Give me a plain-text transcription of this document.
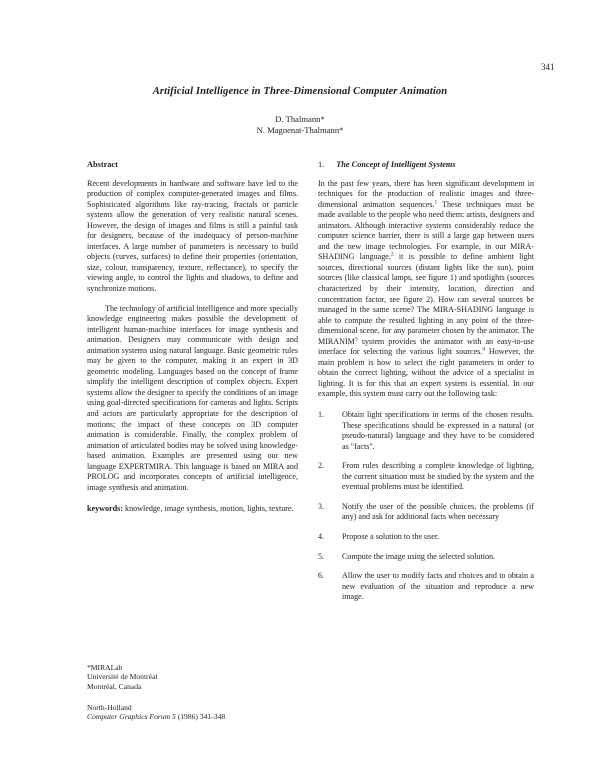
341
Artificial Intelligence in Three-Dimensional Computer Animation
D. Thalmann*
N. Magnenat-Thalmann*
Abstract

Recent developments in hardware and software have led to the production of complex computer-generated images and films. Sophisticated algorithms like ray-tracing, fractals or particle systems allow the generation of very realistic natural scenes. However, the design of images and films is still a painful task for designers, because of the inadequacy of person-machine interfaces. A large number of parameters is necessary to build objects (curves, surfaces) to define their properties (orientation, size, colour, transparency, texture, reflectance), to specify the viewing angle, to control the lights and shadows, to define and synchronize motions.

The technology of artificial intelligence and more specially knowledge engineering makes possible the development of intelligent human-machine interfaces for image synthesis and animation. Designers may communicate with design and animation systems using natural language. Basic geometric rules may be given to the computer, making it an expert in 3D geometric modeling. Languages based on the concept of frame simplify the intelligent description of complex objects. Expert systems allow the designer to specify the conditions of an image using goal-directed specifications for cameras and lights. Scripts and actors are particularly appropriate for the description of motions; the impact of these concepts on 3D computer animation is considerable. Finally, the complex problem of animation of articulated bodies may be solved using knowledge-based animation. Examples are presented using our new language EXPERTMIRA. This language is based on MIRA and PROLOG and incorporates concepts of artificial intelligence, image synthesis and animation.

keywords: knowledge, image synthesis, motion, lights, texture.

*MIRALab
Université de Montréal
Montréal, Canada
North-Holland
Computer Graphics Forum 5 (1986) 341-348
1. The Concept of Intelligent Systems

In the past few years, there has been significant development in techniques for the production of realistic images and three-dimensional animation sequences.$^1$ These techniques must be made available to the people who need them: artists, designers and animators. Although interactive systems considerably reduce the computer science barrier, there is still a large gap between users and the new image technologies. For example, in our MIRA-SHADING language,$^2$ it is possible to define ambient light sources, directional sources (distant lights like the sun), point sources (like classical lamps, see figure 1) and spotlights (sources characterized by their intensity, location, direction and concentration factor, see figure 2). How can several sources be managed in the same scene? The MIRA-SHADING language is able to compute the resulted lighting in any point of the three-dimensional scene, for any parameter chosen by the animator. The MIRANIM$^3$ system provides the animator with an easy-to-use interface for selecting the various light sources.$^4$ However, the main problem is how to select the right parameters in order to obtain the correct lighting, without the advice of a specialist in lighting. It is for this that an expert system is essential. In our example, this system must carry out the following task:

1. Obtain light specifications in terms of the chosen results. These specifications should be expressed in a natural (or pseudo-natural) language and they have to be considered as "facts".
2. From rules describing a complete knowledge of lighting, the current situation must be studied by the system and the eventual problems must be identified.
3. Notify the user of the possible choices, the problems (if any) and ask for additional facts when necessary
4. Propose a solution to the user.
5. Compute the image using the selected solution.
6. Allow the user to modify facts and choices and to obtain a new evaluation of the situation and reproduce a new image.
